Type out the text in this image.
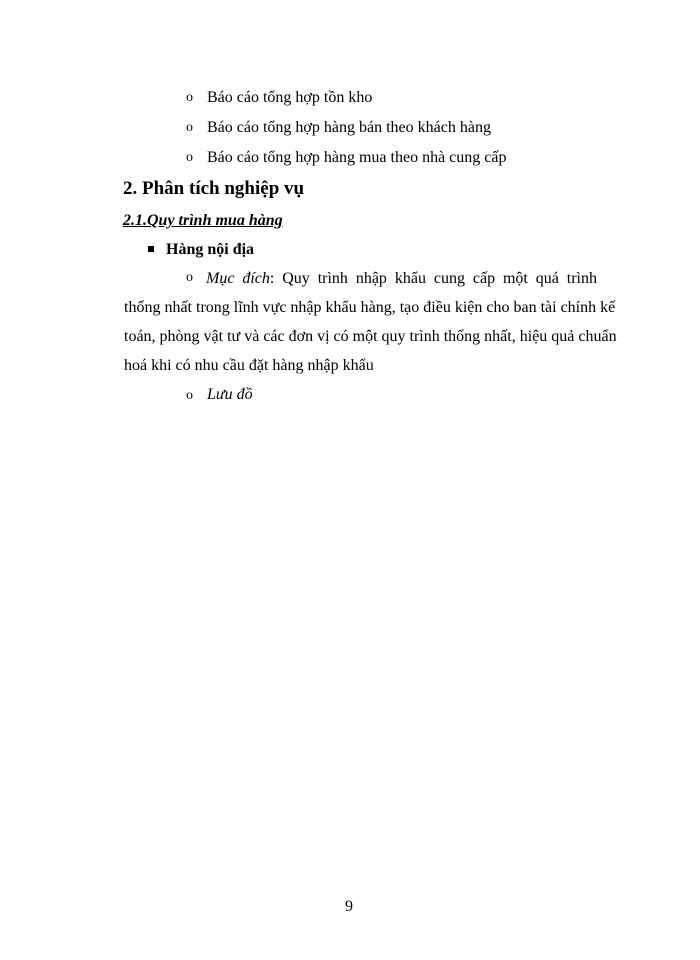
o Báo cáo tổng hợp tồn kho
o Báo cáo tổng hợp hàng bán theo khách hàng
o Báo cáo tổng hợp hàng mua theo nhà cung cấp
2. Phân tích nghiệp vụ
2.1.Quy trình mua hàng
Hàng nội địa
o Mục đích: Quy trình nhập khẩu cung cấp một quá trình
thống nhất trong lĩnh vực nhập khẩu hàng, tạo điều kiện cho ban tài chính kế
toán, phòng vật tư và các đơn vị có một quy trình thống nhất, hiệu quả chuẩn
hoá khi có nhu cầu đặt hàng nhập khẩu
o Lưu đồ
9
